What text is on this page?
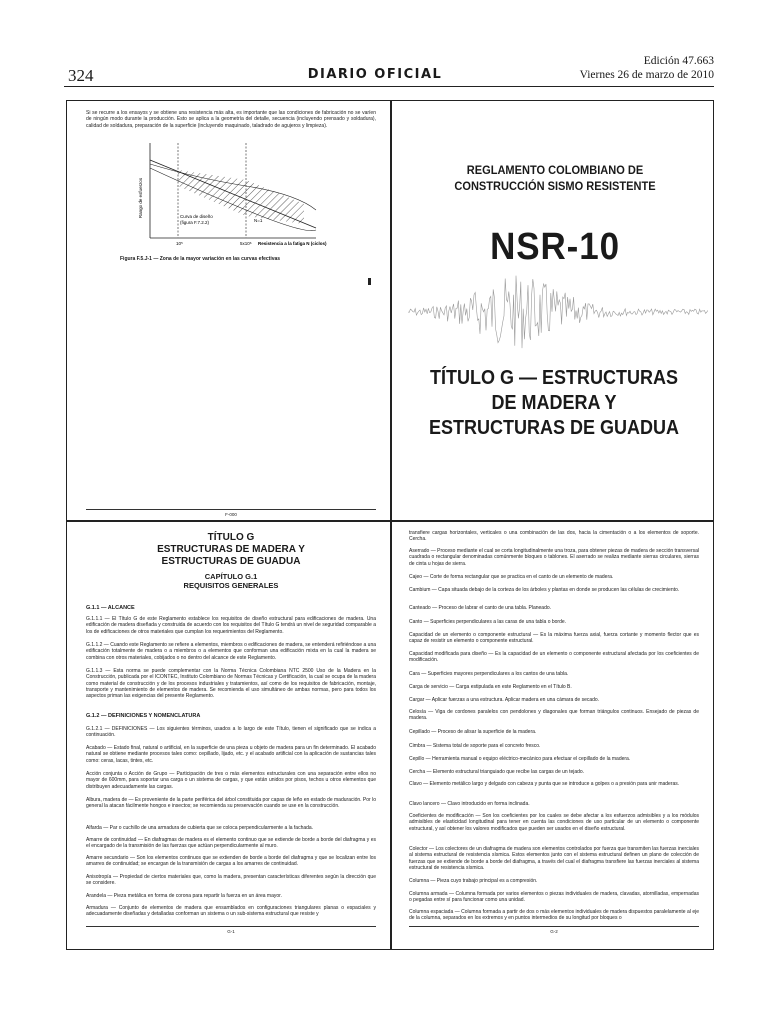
324	DIARIO OFICIAL
Edición 47.663
Viernes 26 de marzo de 2010
Si se recurre a los ensayos y se obtiene una resistencia más alta, es importante que las condiciones de fabricación no se varíen de ningún modo durante la producción. Esto se aplica a la geometría del detalle, secuencia (incluyendo prensado y soldadura), calidad de soldadura, preparación de la superficie (incluyendo maquinado, taladrado de agujeros y limpieza).
Rango de esfuerzos	Curva de diseño
(figura F.7.2.2)	N=1
10⁵	5x10⁶ Resistencia a la fatiga N (ciclos)
Figura F.5.J-1 — Zona de la mayor variación en las curvas efectivas
F-000
REGLAMENTO COLOMBIANO DE
CONSTRUCCIÓN SISMO RESISTENTE
NSR-10
TÍTULO G — ESTRUCTURAS
DE MADERA Y
ESTRUCTURAS DE GUADUA
TÍTULO G
ESTRUCTURAS DE MADERA Y
ESTRUCTURAS DE GUADUA
CAPÍTULO G.1
REQUISITOS GENERALES
G.1.1 — ALCANCE
G.1.1.1 — El Título G de este Reglamento establece los requisitos de diseño estructural para edificaciones de madera. Una edificación de madera diseñada y construida de acuerdo con los requisitos del Título G tendrá un nivel de seguridad comparable a los de edificaciones de otros materiales que cumplan los requerimientos del Reglamento.
G.1.1.2 — Cuando este Reglamento se refiere a elementos, miembros o edificaciones de madera, se entenderá refiriéndose a una edificación totalmente de madera o a miembros o a elementos que conforman una edificación mixta en la cual la madera se combina con otros materiales, cobijados o no dentro del alcance de este Reglamento.
G.1.1.3 — Esta norma se puede complementar con la Norma Técnica Colombiana NTC 2500 Uso de la Madera en la Construcción, publicada por el ICONTEC, Instituto Colombiano de Normas Técnicas y Certificación, la cual se ocupa de la madera como material de construcción y de los procesos industriales y tratamientos, así como de los requisitos de fabricación, montaje, transporte y mantenimiento de elementos de madera. Se recomienda el uso simultáneo de ambas normas, pero para todos los aspectos priman las exigencias del presente Reglamento.
G.1.2 — DEFINICIONES Y NOMENCLATURA
G.1.2.1 — DEFINICIONES — Los siguientes términos, usados a lo largo de este Título, tienen el significado que se indica a continuación.
Acabado — Estado final, natural o artificial, en la superficie de una pieza u objeto de madera para un fin determinado. El acabado natural se obtiene mediante procesos tales como: cepillado, lijado, etc. y el acabado artificial con la aplicación de sustancias tales como: ceras, lacas, tintes, etc.
Acción conjunta o Acción de Grupo — Participación de tres o más elementos estructurales con una separación entre ellos no mayor de 600mm, para soportar una carga o un sistema de cargas, y que están unidos por pisos, techos u otros elementos que distribuyen adecuadamente las cargas.
Albura, madera de — Es proveniente de la parte periférica del árbol constituida por capas de leño en estado de maduración. Por lo general la atacan fácilmente hongos e insectos; se recomienda su preservación cuando se use en la construcción.
Alfarda — Par o cuchillo de una armadura de cubierta que se coloca perpendicularmente a la fachada.
Amarre de continuidad — En diafragmas de madera es el elemento continuo que se extiende de borde a borde del diafragma y es el encargado de la transmisión de las fuerzas que actúan perpendicularmente al muro.
Amarre secundario — Son los elementos continuos que se extienden de borde a borde del diafragma y que se localizan entre los amarres de continuidad; se encargan de la transmisión de cargas a los amarres de continuidad.
Anisotropía — Propiedad de ciertos materiales que, como la madera, presentan características diferentes según la dirección que se considere.
Arandela — Pieza metálica en forma de corona para repartir la fuerza en un área mayor.
Armadura — Conjunto de elementos de madera que ensamblados en configuraciones triangulares planas o espaciales y adecuadamente diseñadas y detalladas conforman un sistema o un sub-sistema estructural que resiste y
G-1
transfiere cargas horizontales, verticales o una combinación de las dos, hacia la cimentación o a los elementos de soporte. Cercha.
Aserrado — Proceso mediante el cual se corta longitudinalmente una troza, para obtener piezas de madera de sección transversal cuadrada o rectangular denominadas comúnmente bloques o tablones. El aserrado se realiza mediante sierras circulares, sierras de cinta u hojas de sierra.
Cajeo — Corte de forma rectangular que se practica en el canto de un elemento de madera.
Cambium — Capa situada debajo de la corteza de los árboles y plantas en donde se producen las células de crecimiento.
Canteado — Proceso de labrar el canto de una tabla. Planeado.
Canto — Superficies perpendiculares a las caras de una tabla o borde.
Capacidad de un elemento o componente estructural — Es la máxima fuerza axial, fuerza cortante y momento flector que es capaz de resistir un elemento o componente estructural.
Capacidad modificada para diseño — Es la capacidad de un elemento o componente estructural afectada por los coeficientes de modificación.
Cara — Superficies mayores perpendiculares a los cantos de una tabla.
Carga de servicio — Carga estipulada en este Reglamento en el Título B.
Cargar — Aplicar fuerzas a una estructura. Aplicar madera en una cámara de secado.
Celosía — Viga de cordones paralelos con pendolones y diagonales que forman triángulos continuos. Ensejado de piezas de madera.
Cepillado — Proceso de alisar la superficie de la madera.
Cimbra — Sistema total de soporte para el concreto fresco.
Cepillo — Herramienta manual o equipo eléctrico-mecánico para efectuar el cepillado de la madera.
Cercha — Elemento estructural trianguiado que recibe las cargas de un tejado.
Clavo — Elemento metálico largo y delgado con cabeza y punta que se introduce a golpes o a presión para unir maderas.
Clavo lancero — Clavo introducido en forma inclinada.
Coeficientes de modificación — Son los coeficientes por los cuales se debe afectar a los esfuerzos admisibles y a los módulos admisibles de elasticidad longitudinal para tener en cuenta las condiciones de uso particular de un elemento o componente estructural, y así obtener los valores modificados que pueden ser usados en el diseño estructural.
Colector — Los colectores de un diafragma de madera son elementos controlados por fuerza que transmiten las fuerzas inerciales al sistema estructural de resistencia sísmica. Estos elementos junto con el sistema estructural definen un plano de colección de fuerzas que se extiende de borde a borde del diafragma, a través del cual el diafragma transfiere las fuerzas inerciales al sistema estructural de resistencia sísmica.
Columna — Pieza cuyo trabajo principal es a compresión.
Columna armada — Columna formada por varios elementos o piezas individuales de madera, clavadas, atornilladas, empernadas o pegadas entre sí para funcionar como una unidad.
Columna espaciada — Columna formada a partir de dos o más elementos individuales de madera dispuestos paralelamente al eje de la columna, separados en los extremos y en puntos intermedios de su longitud por bloques o
G-2
